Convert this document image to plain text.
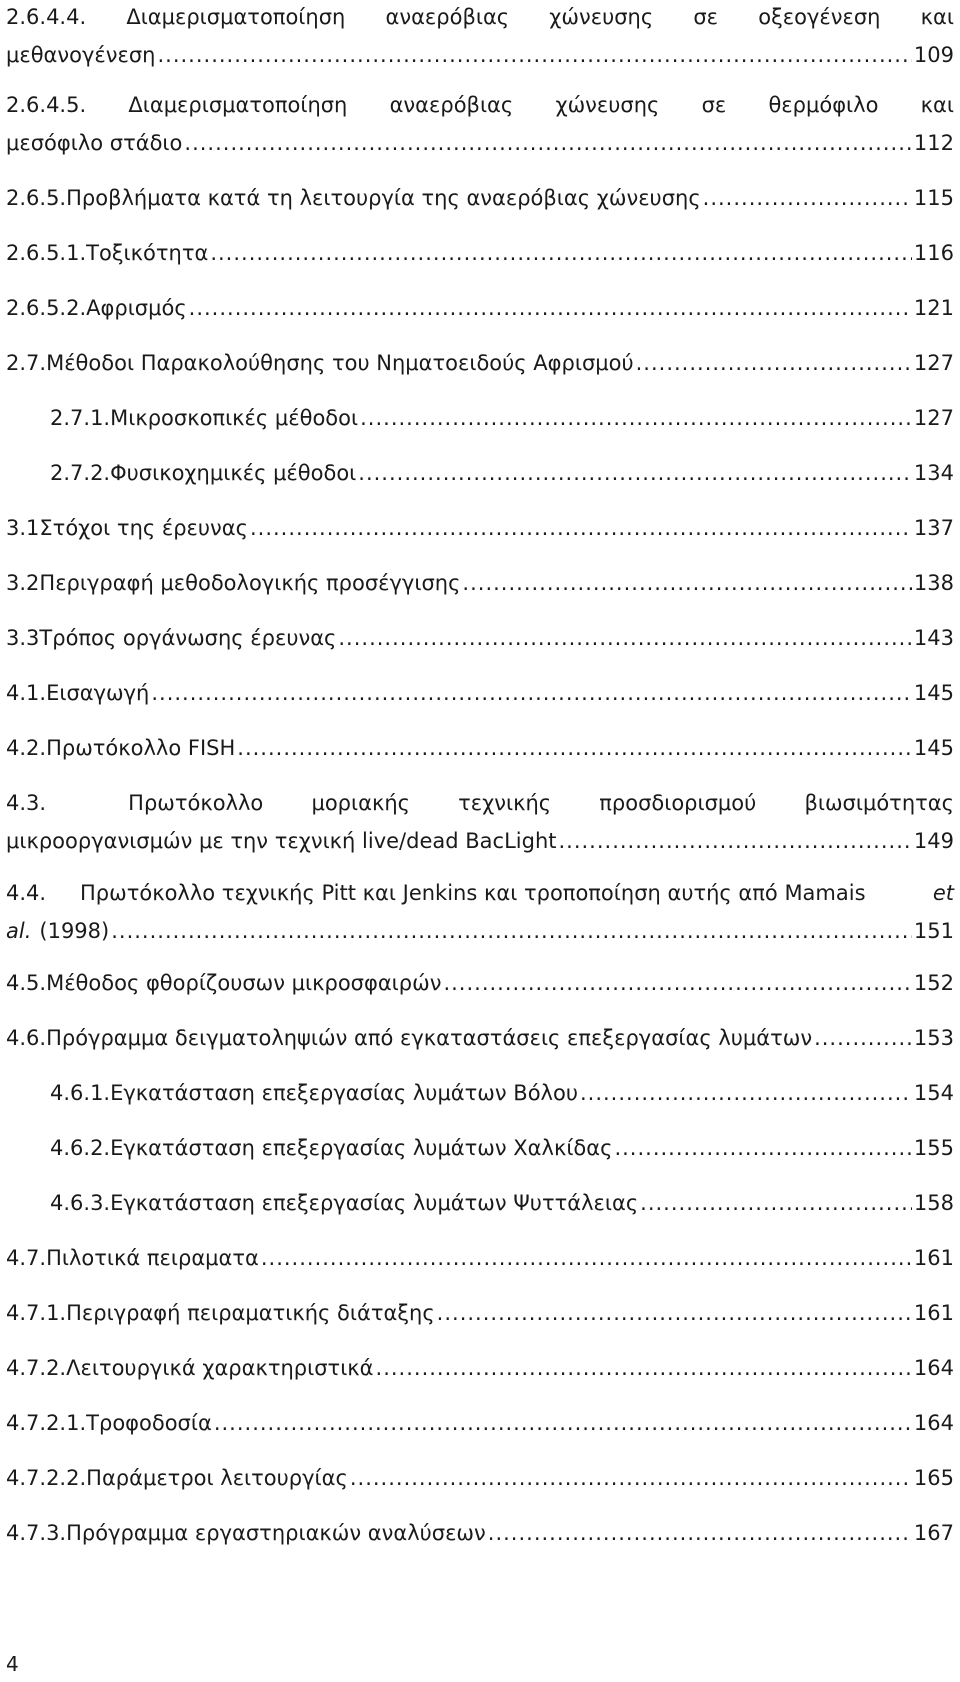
2.6.4.4. Διαμερισματοποίηση αναερόβιας χώνευσης σε οξεογένεση και
μεθανογένεση .....	109
2.6.4.5. Διαμερισματοποίηση αναερόβιας χώνευσης σε θερμόφιλο και
μεσόφιλο στάδιο .....	112
2.6.5. Προβλήματα κατά τη λειτουργία της αναερόβιας χώνευσης .....	115
2.6.5.1. Τοξικότητα .....	116
2.6.5.2. Αφρισμός .....	121
2.7. Μέθοδοι Παρακολούθησης του Νηματοειδούς Αφρισμού .....	127
2.7.1. Μικροσκοπικές μέθοδοι .....	127
2.7.2. Φυσικοχημικές μέθοδοι .....	134
3.1 Στόχοι της έρευνας .....	137
3.2 Περιγραφή μεθοδολογικής προσέγγισης .....	138
3.3 Τρόπος οργάνωσης έρευνας .....	143
4.1. Εισαγωγή .....	145
4.2. Πρωτόκολλο FISH .....	145
4.3.	Πρωτόκολλο μοριακής τεχνικής προσδιορισμού βιωσιμότητας
μικροοργανισμών με την τεχνική live/dead BacLight .....	149
4.4.	Πρωτόκολλο τεχνικής Pitt και Jenkins και τροποποίηση αυτής από Mamais	et
al. (1998) .....	151
4.5. Μέθοδος φθορίζουσων μικροσφαιρών .....	152
4.6. Πρόγραμμα δειγματοληψιών από εγκαταστάσεις επεξεργασίας λυμάτων .....	153
4.6.1. Εγκατάσταση επεξεργασίας λυμάτων Βόλου .....	154
4.6.2. Εγκατάσταση επεξεργασίας λυμάτων Χαλκίδας .....	155
4.6.3. Εγκατάσταση επεξεργασίας λυμάτων Ψυττάλειας .....	158
4.7. Πιλοτικά πειραματα .....	161
4.7.1. Περιγραφή πειραματικής διάταξης .....	161
4.7.2. Λειτουργικά χαρακτηριστικά .....	164
4.7.2.1. Τροφοδοσία .....	164
4.7.2.2. Παράμετροι λειτουργίας .....	165
4.7.3. Πρόγραμμα εργαστηριακών αναλύσεων .....	167
4
